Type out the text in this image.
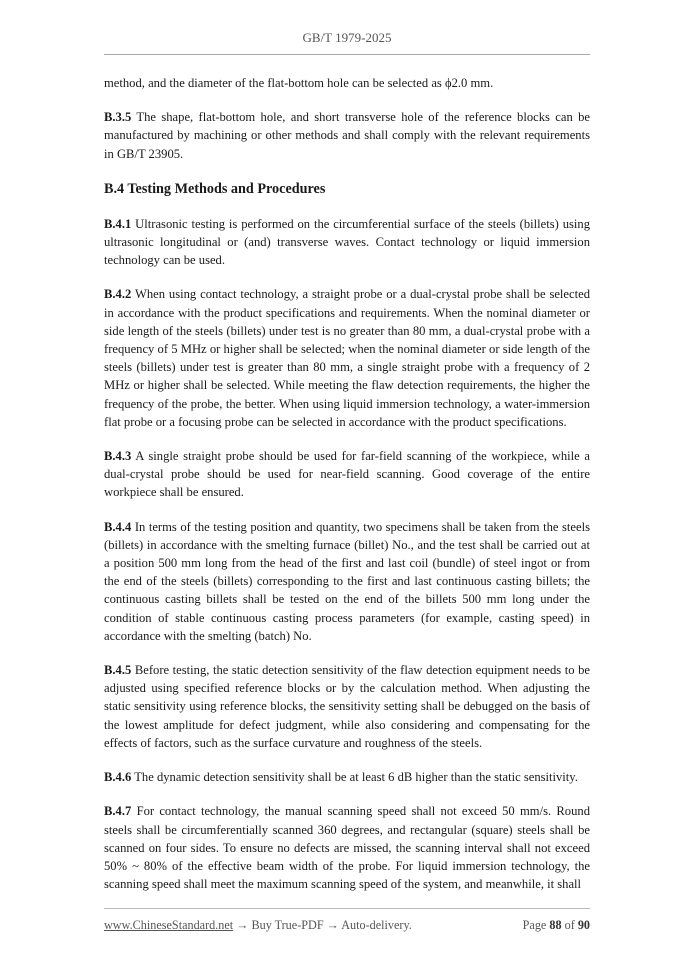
GB/T 1979-2025

method, and the diameter of the flat-bottom hole can be selected as ϕ2.0 mm.

B.3.5 The shape, flat-bottom hole, and short transverse hole of the reference blocks can be manufactured by machining or other methods and shall comply with the relevant requirements in GB/T 23905.

B.4 Testing Methods and Procedures

B.4.1 Ultrasonic testing is performed on the circumferential surface of the steels (billets) using ultrasonic longitudinal or (and) transverse waves. Contact technology or liquid immersion technology can be used.

B.4.2 When using contact technology, a straight probe or a dual-crystal probe shall be selected in accordance with the product specifications and requirements. When the nominal diameter or side length of the steels (billets) under test is no greater than 80 mm, a dual-crystal probe with a frequency of 5 MHz or higher shall be selected; when the nominal diameter or side length of the steels (billets) under test is greater than 80 mm, a single straight probe with a frequency of 2 MHz or higher shall be selected. While meeting the flaw detection requirements, the higher the frequency of the probe, the better. When using liquid immersion technology, a water-immersion flat probe or a focusing probe can be selected in accordance with the product specifications.

B.4.3 A single straight probe should be used for far-field scanning of the workpiece, while a dual-crystal probe should be used for near-field scanning. Good coverage of the entire workpiece shall be ensured.

B.4.4 In terms of the testing position and quantity, two specimens shall be taken from the steels (billets) in accordance with the smelting furnace (billet) No., and the test shall be carried out at a position 500 mm long from the head of the first and last coil (bundle) of steel ingot or from the end of the steels (billets) corresponding to the first and last continuous casting billets; the continuous casting billets shall be tested on the end of the billets 500 mm long under the condition of stable continuous casting process parameters (for example, casting speed) in accordance with the smelting (batch) No.

B.4.5 Before testing, the static detection sensitivity of the flaw detection equipment needs to be adjusted using specified reference blocks or by the calculation method. When adjusting the static sensitivity using reference blocks, the sensitivity setting shall be debugged on the basis of the lowest amplitude for defect judgment, while also considering and compensating for the effects of factors, such as the surface curvature and roughness of the steels.

B.4.6 The dynamic detection sensitivity shall be at least 6 dB higher than the static sensitivity.

B.4.7 For contact technology, the manual scanning speed shall not exceed 50 mm/s. Round steels shall be circumferentially scanned 360 degrees, and rectangular (square) steels shall be scanned on four sides. To ensure no defects are missed, the scanning interval shall not exceed 50% ~ 80% of the effective beam width of the probe. For liquid immersion technology, the scanning speed shall meet the maximum scanning speed of the system, and meanwhile, it shall

www.ChineseStandard.net → Buy True-PDF → Auto-delivery.	Page 88 of 90
